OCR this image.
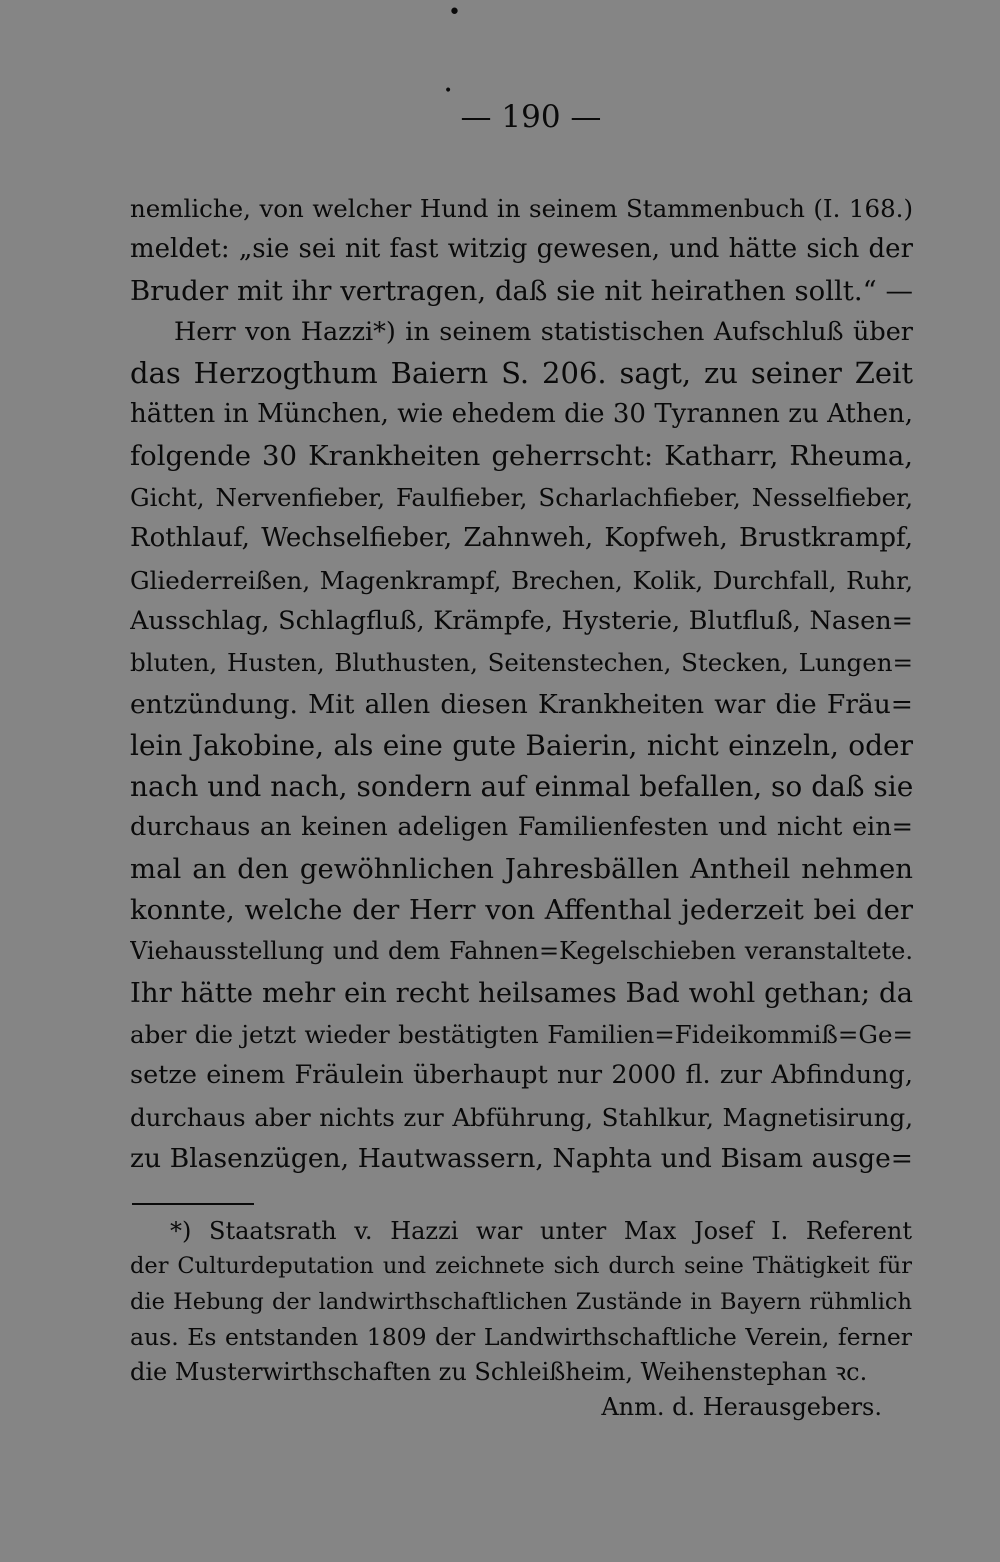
•
•
— 190 —
nemliche, von welcher Hund in seinem Stammenbuch (I. 168.)
meldet: „sie sei nit fast witzig gewesen, und hätte sich der
Bruder mit ihr vertragen, daß sie nit heirathen sollt.“ —
Herr von Hazzi*) in seinem statistischen Aufschluß über
das Herzogthum Baiern S. 206. sagt, zu seiner Zeit
hätten in München, wie ehedem die 30 Tyrannen zu Athen,
folgende 30 Krankheiten geherrscht: Katharr, Rheuma,
Gicht, Nervenfieber, Faulfieber, Scharlachfieber, Nesselfieber,
Rothlauf, Wechselfieber, Zahnweh, Kopfweh, Brustkrampf,
Gliederreißen, Magenkrampf, Brechen, Kolik, Durchfall, Ruhr,
Ausschlag, Schlagfluß, Krämpfe, Hysterie, Blutfluß, Nasen=
bluten, Husten, Bluthusten, Seitenstechen, Stecken, Lungen=
entzündung. Mit allen diesen Krankheiten war die Fräu=
lein Jakobine, als eine gute Baierin, nicht einzeln, oder
nach und nach, sondern auf einmal befallen, so daß sie
durchaus an keinen adeligen Familienfesten und nicht ein=
mal an den gewöhnlichen Jahresbällen Antheil nehmen
konnte, welche der Herr von Affenthal jederzeit bei der
Viehausstellung und dem Fahnen=Kegelschieben veranstaltete.
Ihr hätte mehr ein recht heilsames Bad wohl gethan; da
aber die jetzt wieder bestätigten Familien=Fideikommiß=Ge=
setze einem Fräulein überhaupt nur 2000 fl. zur Abfindung,
durchaus aber nichts zur Abführung, Stahlkur, Magnetisirung,
zu Blasenzügen, Hautwassern, Naphta und Bisam ausge=
*) Staatsrath v. Hazzi war unter Max Josef I. Referent
der Culturdeputation und zeichnete sich durch seine Thätigkeit für
die Hebung der landwirthschaftlichen Zustände in Bayern rühmlich
aus. Es entstanden 1809 der Landwirthschaftliche Verein, ferner
die Musterwirthschaften zu Schleißheim, Weihenstephan ꝛc.
Anm. d. Herausgebers.
